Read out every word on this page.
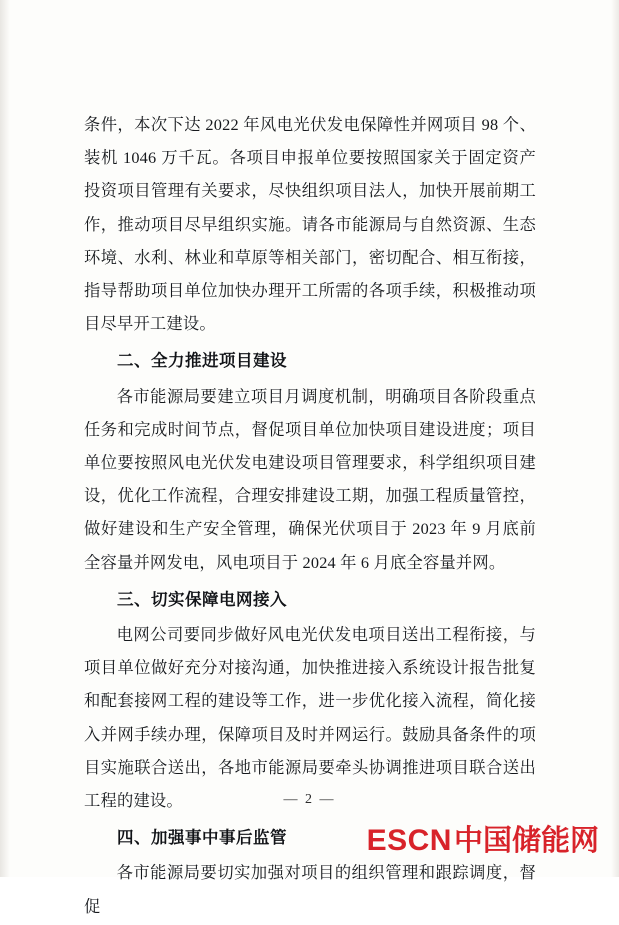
条件，本次下达 2022 年风电光伏发电保障性并网项目 98 个、装机 1046 万千瓦。各项目申报单位要按照国家关于固定资产投资项目管理有关要求，尽快组织项目法人，加快开展前期工作，推动项目尽早组织实施。请各市能源局与自然资源、生态环境、水利、林业和草原等相关部门，密切配合、相互衔接，指导帮助项目单位加快办理开工所需的各项手续，积极推动项目尽早开工建设。

二、全力推进项目建设

各市能源局要建立项目月调度机制，明确项目各阶段重点任务和完成时间节点，督促项目单位加快项目建设进度；项目单位要按照风电光伏发电建设项目管理要求，科学组织项目建设，优化工作流程，合理安排建设工期，加强工程质量管控，做好建设和生产安全管理，确保光伏项目于 2023 年 9 月底前全容量并网发电，风电项目于 2024 年 6 月底全容量并网。

三、切实保障电网接入

电网公司要同步做好风电光伏发电项目送出工程衔接，与项目单位做好充分对接沟通，加快推进接入系统设计报告批复和配套接网工程的建设等工作，进一步优化接入流程，简化接入并网手续办理，保障项目及时并网运行。鼓励具备条件的项目实施联合送出，各地市能源局要牵头协调推进项目联合送出工程的建设。

四、加强事中事后监管

各市能源局要切实加强对项目的组织管理和跟踪调度，督促

— 2 —
ESCN 中国储能网
